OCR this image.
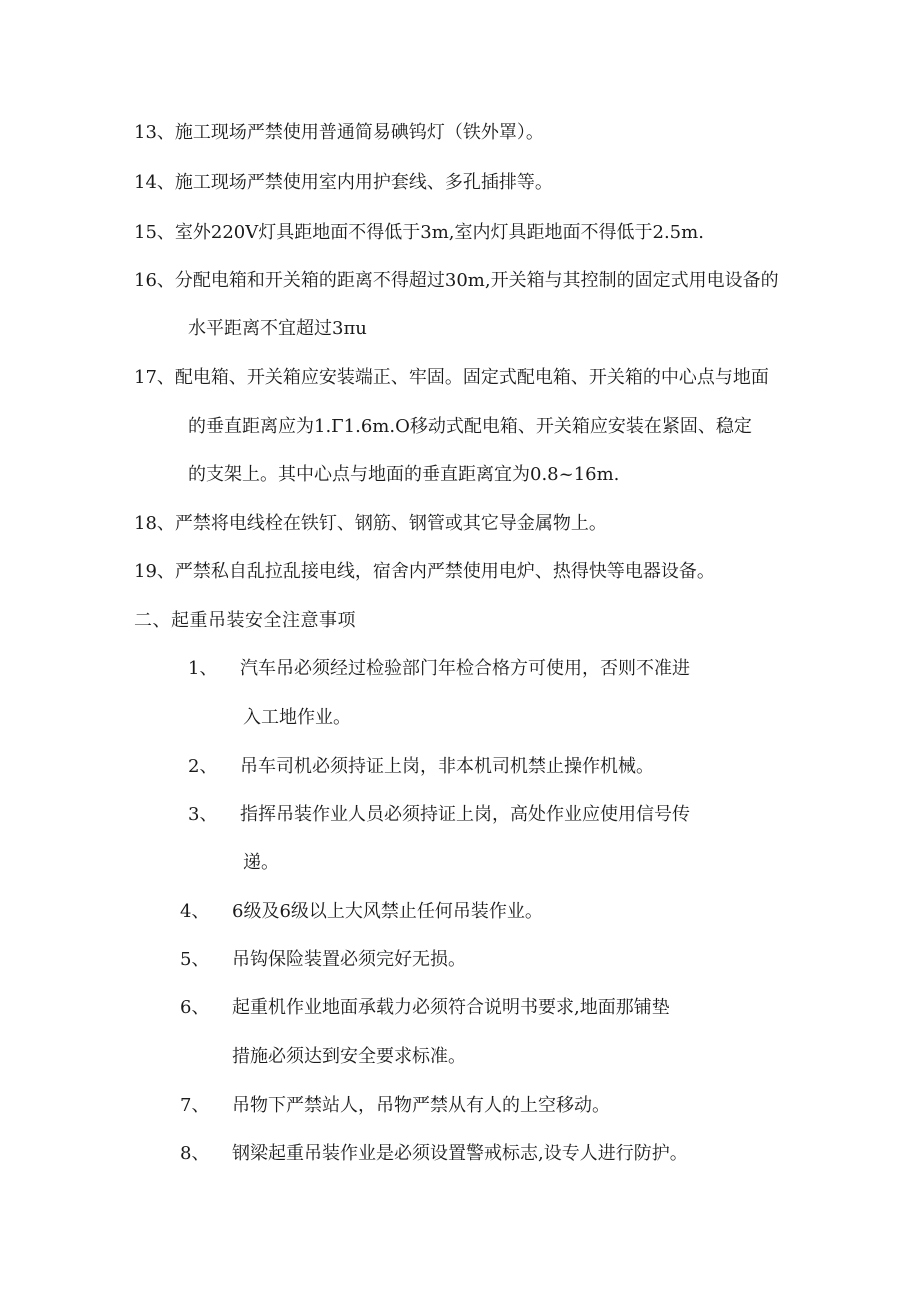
13、施工现场严禁使用普通简易碘钨灯（铁外罩）。
14、施工现场严禁使用室内用护套线、多孔插排等。
15、室外220V灯具距地面不得低于3m,室内灯具距地面不得低于2.5m.
16、分配电箱和开关箱的距离不得超过30m,开关箱与其控制的固定式用电设备的
水平距离不宜超过3πu
17、配电箱、开关箱应安装端正、牢固。固定式配电箱、开关箱的中心点与地面
的垂直距离应为1.Γ1.6m.O移动式配电箱、开关箱应安装在紧固、稳定
的支架上。其中心点与地面的垂直距离宜为0.8~16m.
18、严禁将电线栓在铁钉、钢筋、钢管或其它导金属物上。
19、严禁私自乱拉乱接电线，宿舍内严禁使用电炉、热得快等电器设备。
二、起重吊装安全注意事项
1、 汽车吊必须经过检验部门年检合格方可使用，否则不准进
入工地作业。
2、 吊车司机必须持证上岗，非本机司机禁止操作机械。
3、 指挥吊装作业人员必须持证上岗，高处作业应使用信号传
递。
4、 6级及6级以上大风禁止任何吊装作业。
5、 吊钩保险装置必须完好无损。
6、 起重机作业地面承载力必须符合说明书要求,地面那铺垫
措施必须达到安全要求标准。
7、 吊物下严禁站人，吊物严禁从有人的上空移动。
8、 钢梁起重吊装作业是必须设置警戒标志,设专人进行防护。
